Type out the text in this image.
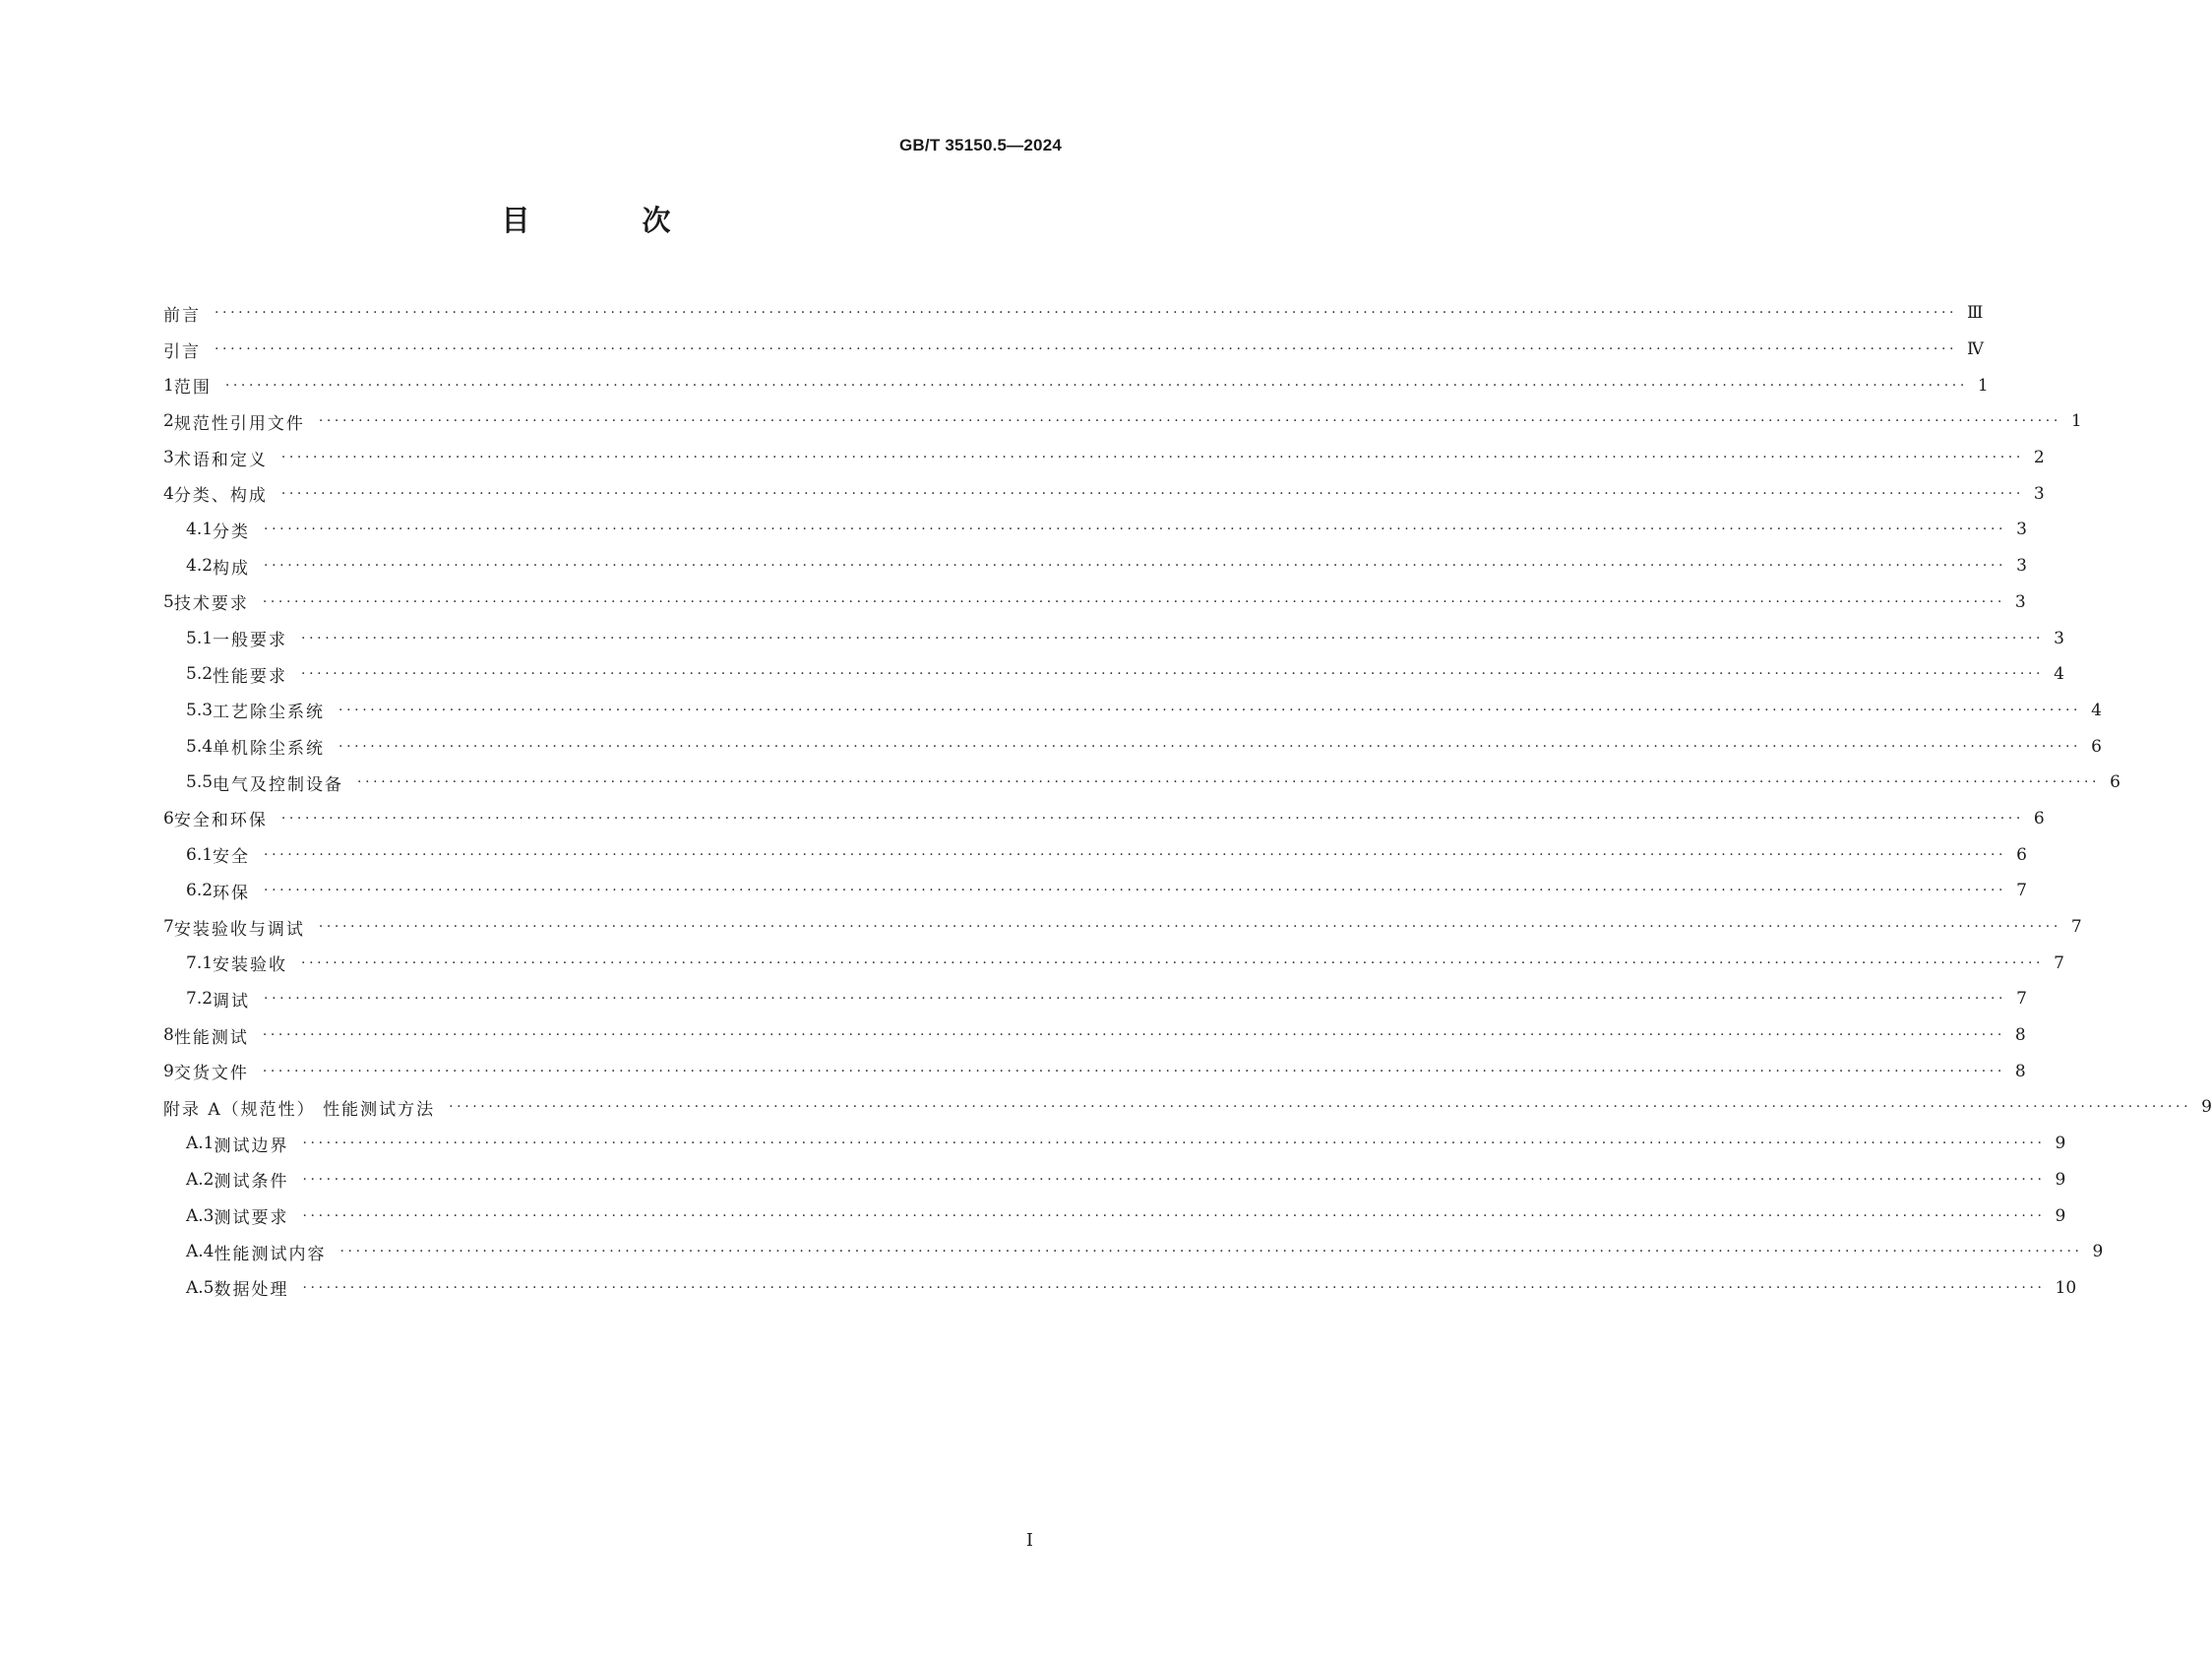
GB/T 35150.5—2024
目 次
前言 ···························································································································································································································· Ⅲ
引言 ···························································································································································································································· Ⅳ
1 范围 ···························································································································································································································· 1
2 规范性引用文件 ···························································································································································································································· 1
3 术语和定义 ···························································································································································································································· 2
4 分类、构成 ···························································································································································································································· 3
4.1 分类 ···························································································································································································································· 3
4.2 构成 ···························································································································································································································· 3
5 技术要求 ···························································································································································································································· 3
5.1 一般要求 ···························································································································································································································· 3
5.2 性能要求 ···························································································································································································································· 4
5.3 工艺除尘系统 ···························································································································································································································· 4
5.4 单机除尘系统 ···························································································································································································································· 6
5.5 电气及控制设备 ···························································································································································································································· 6
6 安全和环保 ···························································································································································································································· 6
6.1 安全 ···························································································································································································································· 6
6.2 环保 ···························································································································································································································· 7
7 安装验收与调试 ···························································································································································································································· 7
7.1 安装验收 ···························································································································································································································· 7
7.2 调试 ···························································································································································································································· 7
8 性能测试 ···························································································································································································································· 8
9 交货文件 ···························································································································································································································· 8
附录 A（规范性） 性能测试方法 ···························································································································································································································· 9
A.1 测试边界 ···························································································································································································································· 9
A.2 测试条件 ···························································································································································································································· 9
A.3 测试要求 ···························································································································································································································· 9
A.4 性能测试内容 ···························································································································································································································· 9
A.5 数据处理 ···························································································································································································································· 10
I
